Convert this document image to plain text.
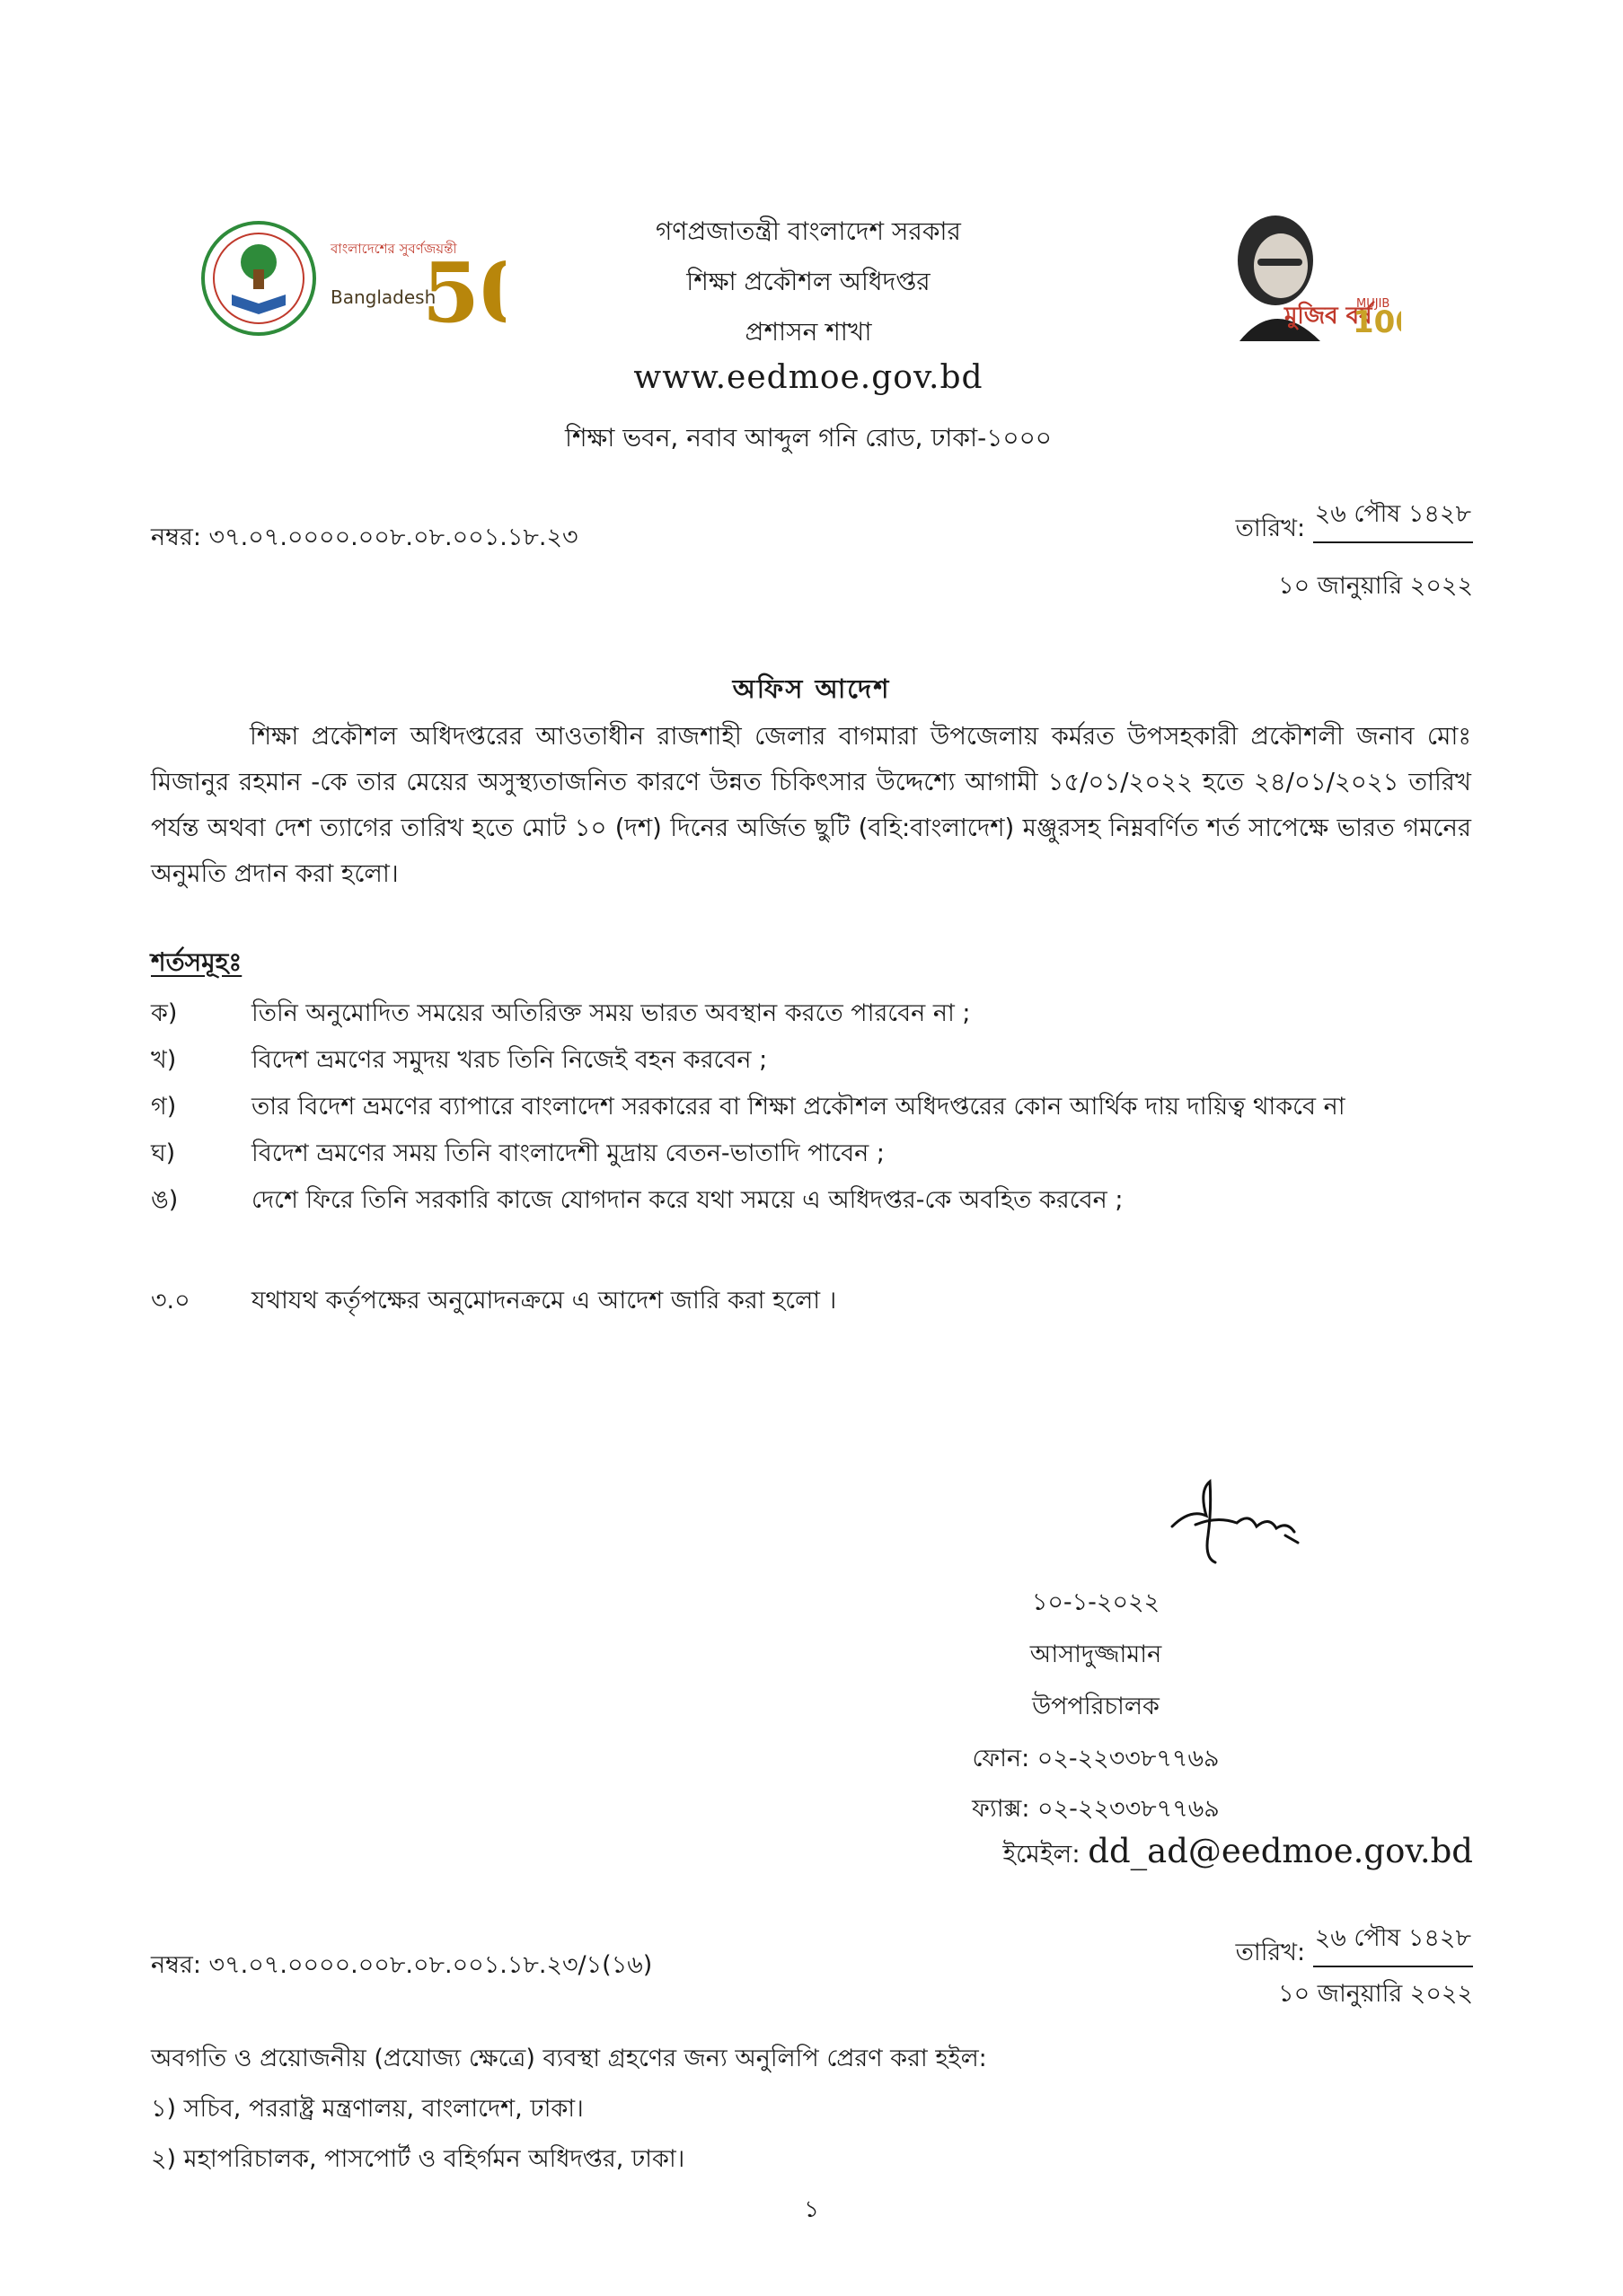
বাংলাদেশের সুবর্ণজয়ন্তী
Bangladesh
5	মুজিব বর্ষ
MUJIB
10
গণপ্রজাতন্ত্রী বাংলাদেশ সরকার
শিক্ষা প্রকৌশল অধিদপ্তর
প্রশাসন শাখা
www.eedmoe.gov.bd
শিক্ষা ভবন, নবাব আব্দুল গনি রোড, ঢাকা-১০০০
নম্বর: ৩৭.০৭.০০০০.০০৮.০৮.০০১.১৮.২৩	তারিখ: ২৬ পৌষ ১৪২৮
১০ জানুয়ারি ২০২২
অফিস আদেশ
শিক্ষা প্রকৌশল অধিদপ্তরের আওতাধীন রাজশাহী জেলার বাগমারা উপজেলায় কর্মরত উপসহকারী প্রকৌশলী জনাব মোঃ মিজানুর রহমান -কে তার মেয়ের অসুস্থ্যতাজনিত কারণে উন্নত চিকিৎসার উদ্দেশ্যে আগামী ১৫/০১/২০২২ হতে ২৪/০১/২০২১ তারিখ পর্যন্ত অথবা দেশ ত্যাগের তারিখ হতে মোট ১০ (দশ) দিনের অর্জিত ছুটি (বহি:বাংলাদেশ) মঞ্জুরসহ নিম্নবর্ণিত শর্ত সাপেক্ষে ভারত গমনের অনুমতি প্রদান করা হলো।
শর্তসমূহঃ
ক)	তিনি অনুমোদিত সময়ের অতিরিক্ত সময় ভারত অবস্থান করতে পারবেন না ;
খ)	বিদেশ ভ্রমণের সমুদয় খরচ তিনি নিজেই বহন করবেন ;
গ)	তার বিদেশ ভ্রমণের ব্যাপারে বাংলাদেশ সরকারের বা শিক্ষা প্রকৌশল অধিদপ্তরের কোন আর্থিক দায় দায়িত্ব থাকবে না
ঘ)	বিদেশ ভ্রমণের সময় তিনি বাংলাদেশী মুদ্রায় বেতন-ভাতাদি পাবেন ;
ঙ)	দেশে ফিরে তিনি সরকারি কাজে যোগদান করে যথা সময়ে এ অধিদপ্তর-কে অবহিত করবেন ;
৩.০	যথাযথ কর্তৃপক্ষের অনুমোদনক্রমে এ আদেশ জারি করা হলো ।
১০-১-২০২২
আসাদুজ্জামান
উপপরিচালক
ফোন: ০২-২২৩৩৮৭৭৬৯
ফ্যাক্স: ০২-২২৩৩৮৭৭৬৯
ইমেইল: dd_ad@eedmoe.gov.bd
নম্বর: ৩৭.০৭.০০০০.০০৮.০৮.০০১.১৮.২৩/১(১৬)	তারিখ: ২৬ পৌষ ১৪২৮
১০ জানুয়ারি ২০২২
অবগতি ও প্রয়োজনীয় (প্রযোজ্য ক্ষেত্রে) ব্যবস্থা গ্রহণের জন্য অনুলিপি প্রেরণ করা হইল:
১) সচিব, পররাষ্ট্র মন্ত্রণালয়, বাংলাদেশ, ঢাকা।
২) মহাপরিচালক, পাসপোর্ট ও বহির্গমন অধিদপ্তর, ঢাকা।
১
